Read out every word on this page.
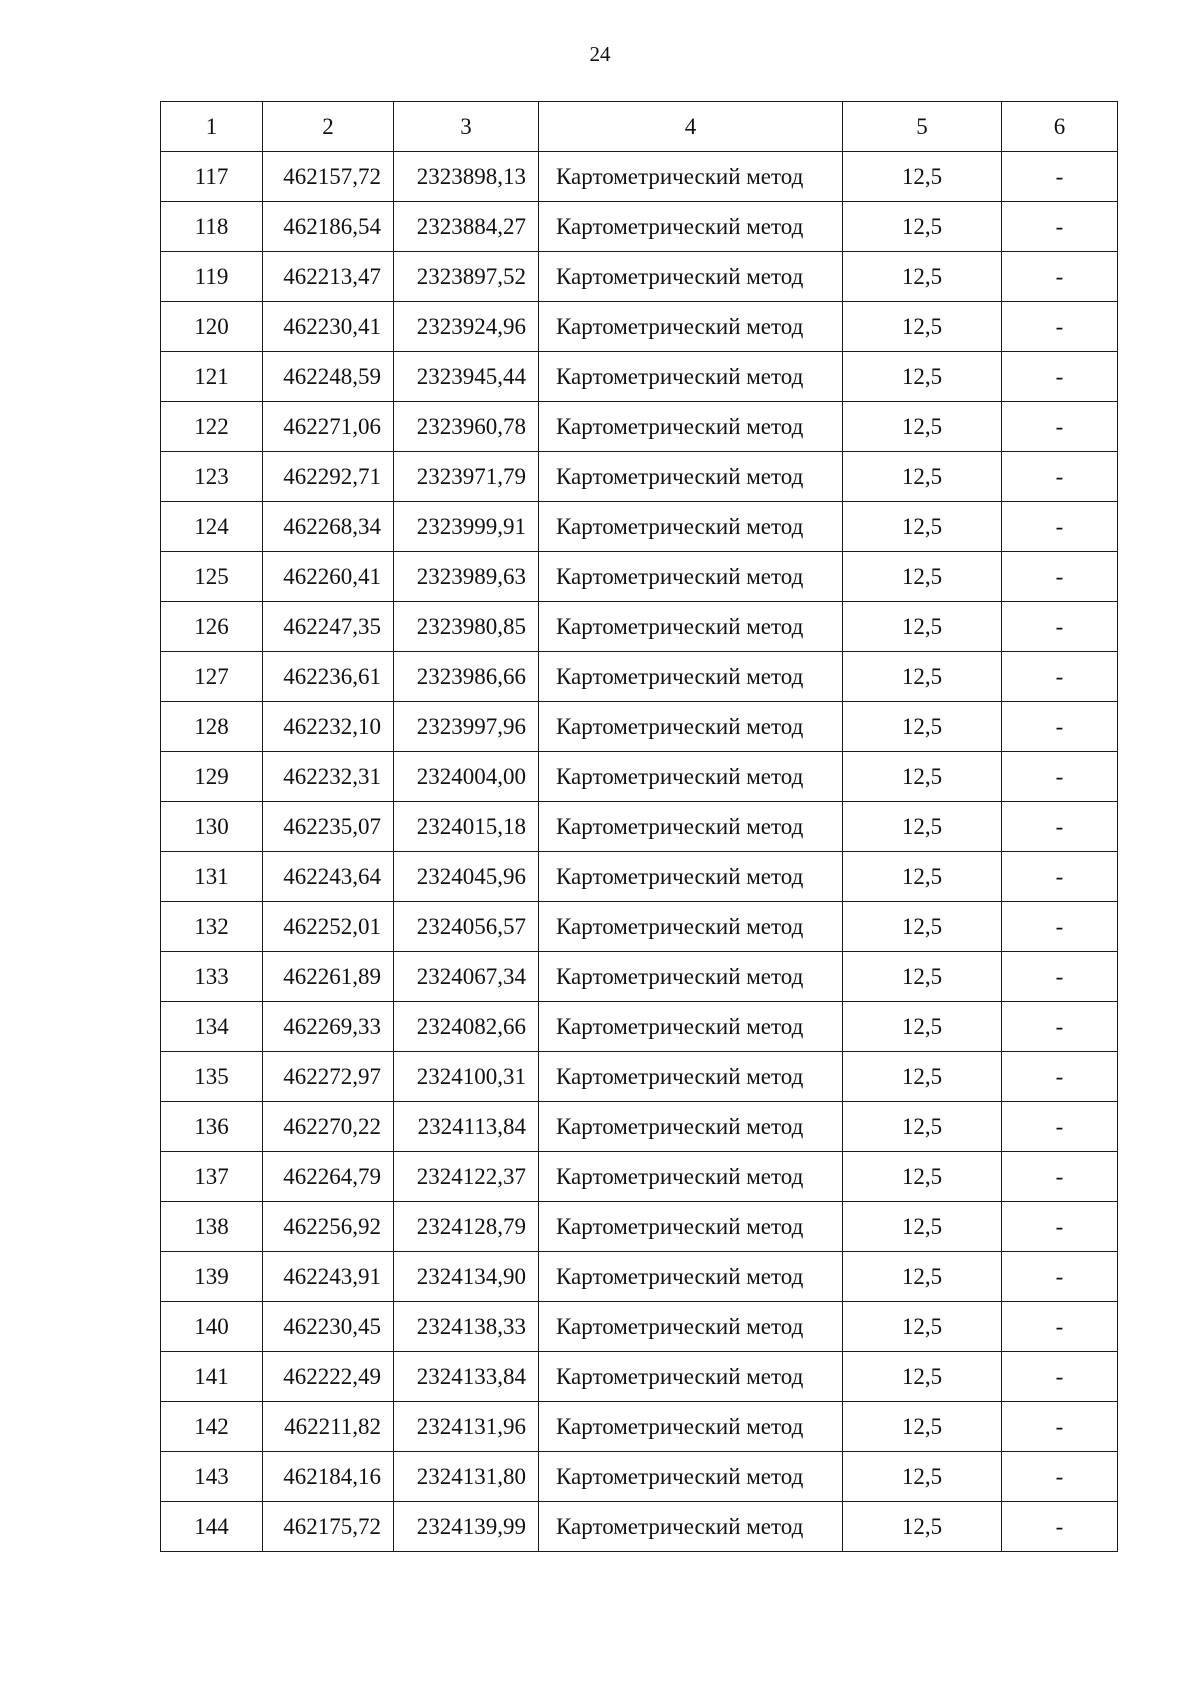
24
1	2	3	4	5	6
117	462157,72	2323898,13	Картометрический метод	12,5	-
118	462186,54	2323884,27	Картометрический метод	12,5	-
119	462213,47	2323897,52	Картометрический метод	12,5	-
120	462230,41	2323924,96	Картометрический метод	12,5	-
121	462248,59	2323945,44	Картометрический метод	12,5	-
122	462271,06	2323960,78	Картометрический метод	12,5	-
123	462292,71	2323971,79	Картометрический метод	12,5	-
124	462268,34	2323999,91	Картометрический метод	12,5	-
125	462260,41	2323989,63	Картометрический метод	12,5	-
126	462247,35	2323980,85	Картометрический метод	12,5	-
127	462236,61	2323986,66	Картометрический метод	12,5	-
128	462232,10	2323997,96	Картометрический метод	12,5	-
129	462232,31	2324004,00	Картометрический метод	12,5	-
130	462235,07	2324015,18	Картометрический метод	12,5	-
131	462243,64	2324045,96	Картометрический метод	12,5	-
132	462252,01	2324056,57	Картометрический метод	12,5	-
133	462261,89	2324067,34	Картометрический метод	12,5	-
134	462269,33	2324082,66	Картометрический метод	12,5	-
135	462272,97	2324100,31	Картометрический метод	12,5	-
136	462270,22	2324113,84	Картометрический метод	12,5	-
137	462264,79	2324122,37	Картометрический метод	12,5	-
138	462256,92	2324128,79	Картометрический метод	12,5	-
139	462243,91	2324134,90	Картометрический метод	12,5	-
140	462230,45	2324138,33	Картометрический метод	12,5	-
141	462222,49	2324133,84	Картометрический метод	12,5	-
142	462211,82	2324131,96	Картометрический метод	12,5	-
143	462184,16	2324131,80	Картометрический метод	12,5	-
144	462175,72	2324139,99	Картометрический метод	12,5	-
